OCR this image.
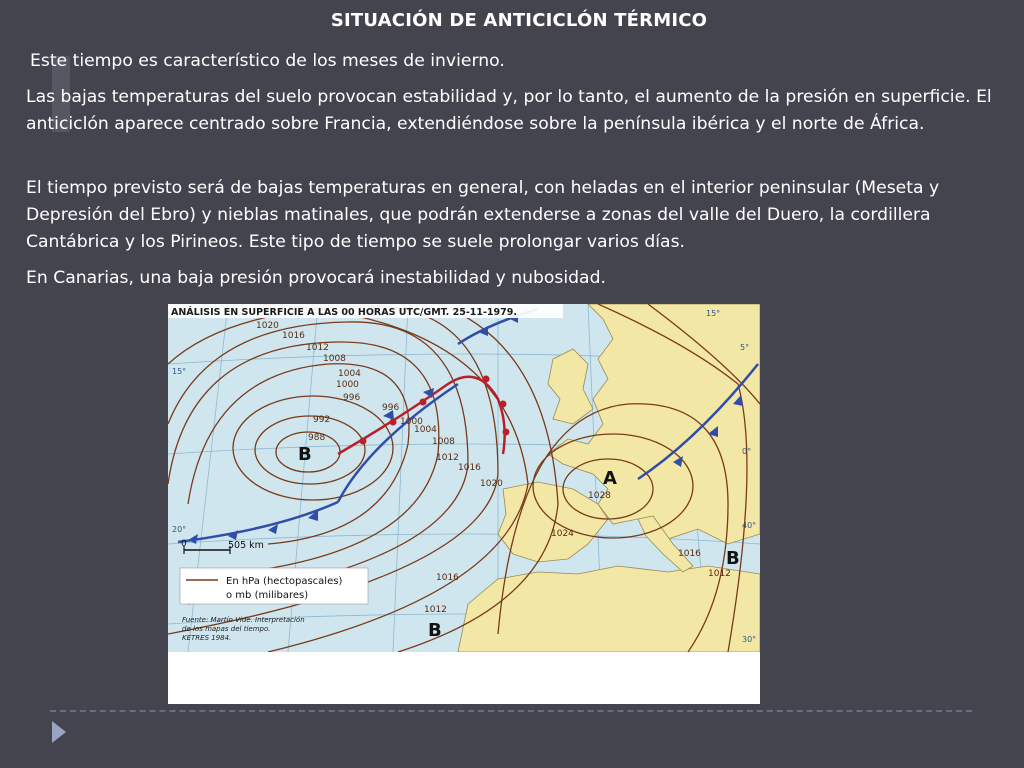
SITUACIÓN DE ANTICICLÓN TÉRMICO

Este tiempo es característico de los meses de invierno.

Las bajas temperaturas del suelo provocan estabilidad y, por lo tanto, el aumento de la presión en superficie. El anticiclón aparece centrado sobre Francia, extendiéndose sobre la península ibérica y el norte de África.

El tiempo previsto será de bajas temperaturas en general, con heladas en el interior peninsular (Meseta y Depresión del Ebro) y nieblas matinales, que podrán extenderse a zonas del valle del Duero, la cordillera Cantábrica y los Pirineos. Este tipo de tiempo se suele prolongar varios días.

En Canarias, una baja presión provocará inestabilidad y nubosidad.

ANÁLISIS EN SUPERFICIE A LAS 00 HORAS UTC/GMT. 25-11-1979.
B
A
B
B
1020
1016
1012
1008
1004
1000
996
992
988
1028
1024
1020
1016
1012
1008
1004
1000
996
1016
1012
1016
1012
15°
5°
0°
40°
30°
20°
15°
0	505 km
En hPa (hectopascales)
o mb (milibares)
Fuente: Martín Vide. Interpretación
de los mapas del tiempo.
KETRES 1984.
